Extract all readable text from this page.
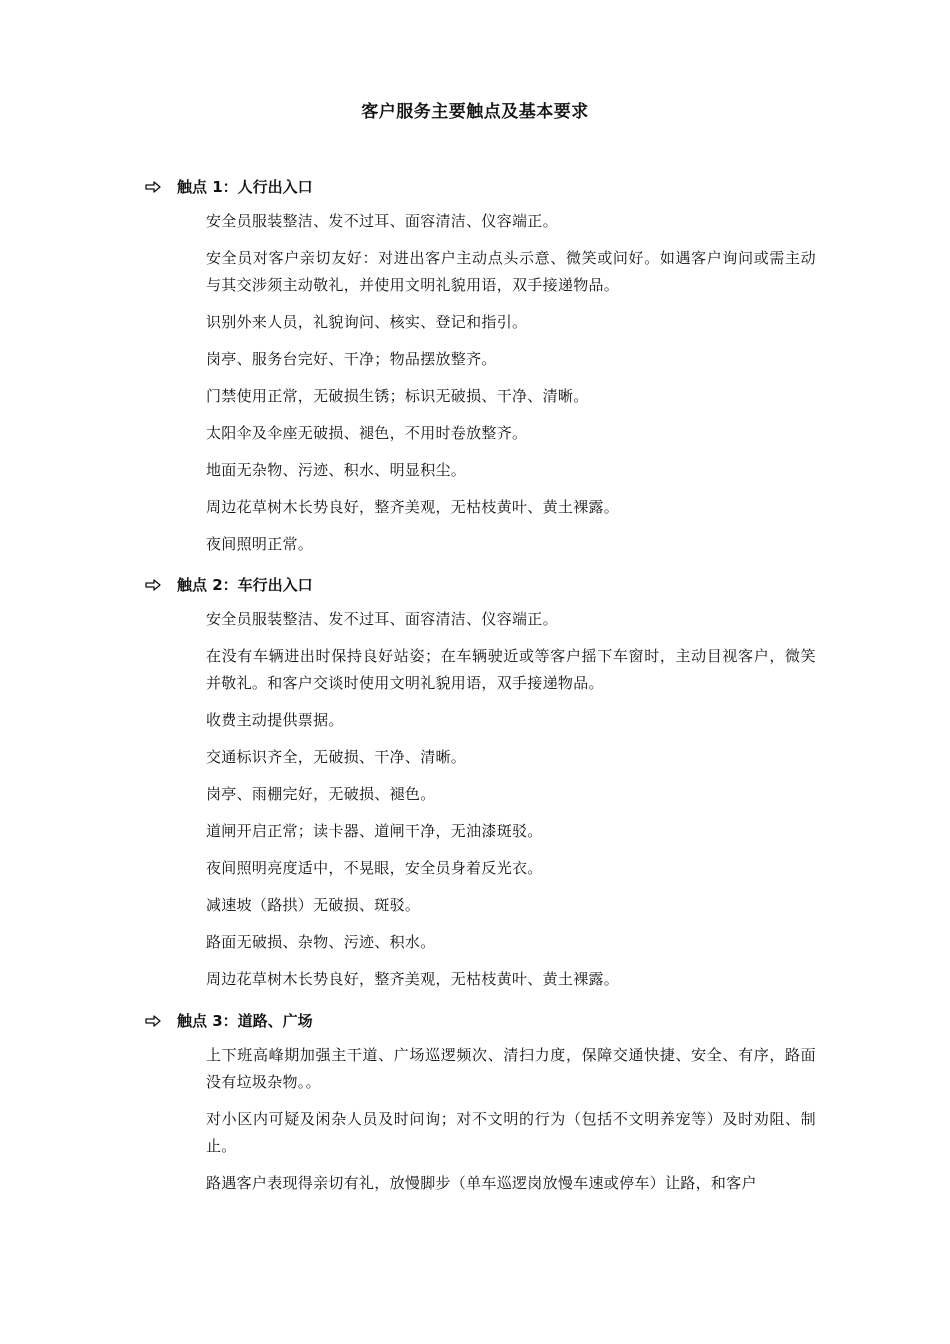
客户服务主要触点及基本要求
触点 1：人行出入口
安全员服装整洁、发不过耳、面容清洁、仪容端正。
安全员对客户亲切友好：对进出客户主动点头示意、微笑或问好。如遇客户询问或需主动与其交涉须主动敬礼，并使用文明礼貌用语，双手接递物品。
识别外来人员，礼貌询问、核实、登记和指引。
岗亭、服务台完好、干净；物品摆放整齐。
门禁使用正常，无破损生锈；标识无破损、干净、清晰。
太阳伞及伞座无破损、褪色，不用时卷放整齐。
地面无杂物、污迹、积水、明显积尘。
周边花草树木长势良好，整齐美观，无枯枝黄叶、黄土裸露。
夜间照明正常。
触点 2：车行出入口
安全员服装整洁、发不过耳、面容清洁、仪容端正。
在没有车辆进出时保持良好站姿；在车辆驶近或等客户摇下车窗时，主动目视客户，微笑并敬礼。和客户交谈时使用文明礼貌用语，双手接递物品。
收费主动提供票据。
交通标识齐全，无破损、干净、清晰。
岗亭、雨棚完好，无破损、褪色。
道闸开启正常；读卡器、道闸干净，无油漆斑驳。
夜间照明亮度适中，不晃眼，安全员身着反光衣。
减速坡（路拱）无破损、斑驳。
路面无破损、杂物、污迹、积水。
周边花草树木长势良好，整齐美观，无枯枝黄叶、黄土裸露。
触点 3：道路、广场
上下班高峰期加强主干道、广场巡逻频次、清扫力度，保障交通快捷、安全、有序，路面没有垃圾杂物。。
对小区内可疑及闲杂人员及时问询；对不文明的行为（包括不文明养宠等）及时劝阻、制止。
路遇客户表现得亲切有礼，放慢脚步（单车巡逻岗放慢车速或停车）让路，和客户
